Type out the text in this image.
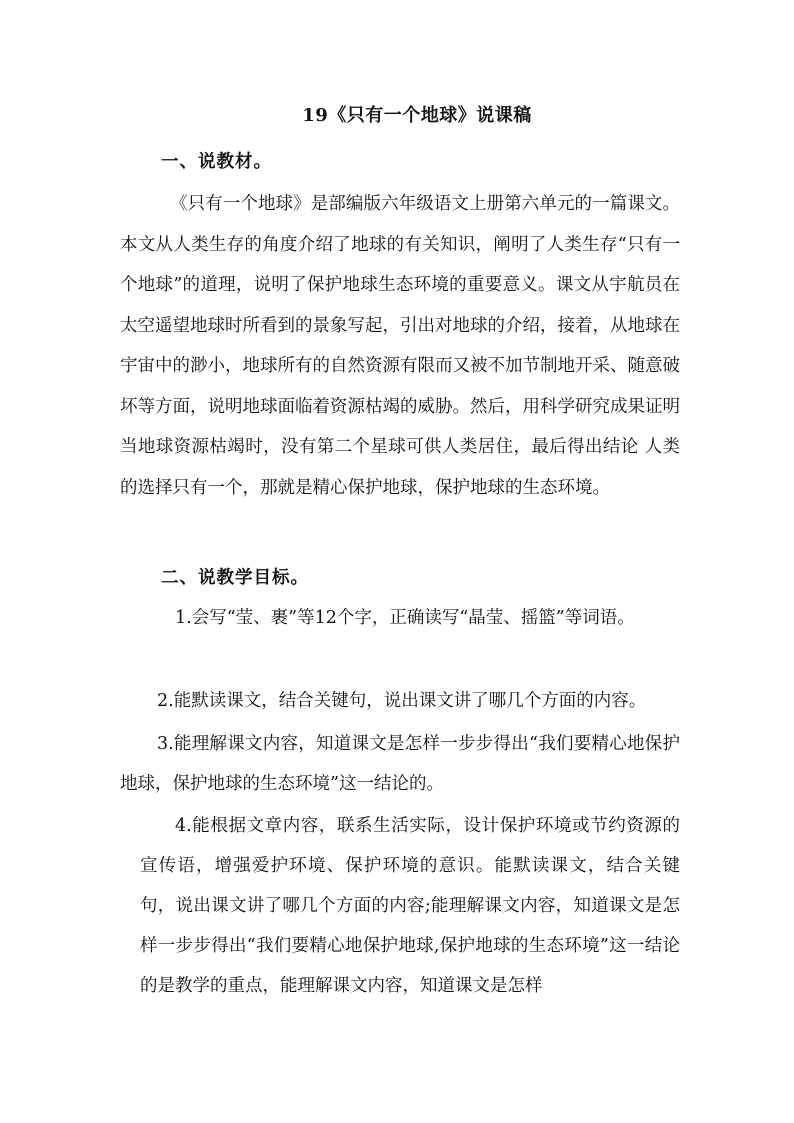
19《只有一个地球》说课稿
一、说教材。
《只有一个地球》是部编版六年级语文上册第六单元的一篇课文。本文从人类生存的角度介绍了地球的有关知识，阐明了人类生存“只有一个地球”的道理，说明了保护地球生态环境的重要意义。课文从宇航员在太空遥望地球时所看到的景象写起，引出对地球的介绍，接着，从地球在宇宙中的渺小，地球所有的自然资源有限而又被不加节制地开采、随意破坏等方面，说明地球面临着资源枯竭的威胁。然后，用科学研究成果证明当地球资源枯竭时，没有第二个星球可供人类居住，最后得出结论 人类的选择只有一个，那就是精心保护地球，保护地球的生态环境。
二、说教学目标。
1.会写“莹、裹”等12个字，正确读写“晶莹、摇篮”等词语。
2.能默读课文，结合关键句，说出课文讲了哪几个方面的内容。
3.能理解课文内容，知道课文是怎样一步步得出“我们要精心地保护地球，保护地球的生态环境”这一结论的。
4.能根据文章内容，联系生活实际，设计保护环境或节约资源的宣传语，增强爱护环境、保护环境的意识。能默读课文，结合关键句，说出课文讲了哪几个方面的内容;能理解课文内容，知道课文是怎样一步步得出“我们要精心地保护地球,保护地球的生态环境”这一结论的是教学的重点，能理解课文内容，知道课文是怎样
